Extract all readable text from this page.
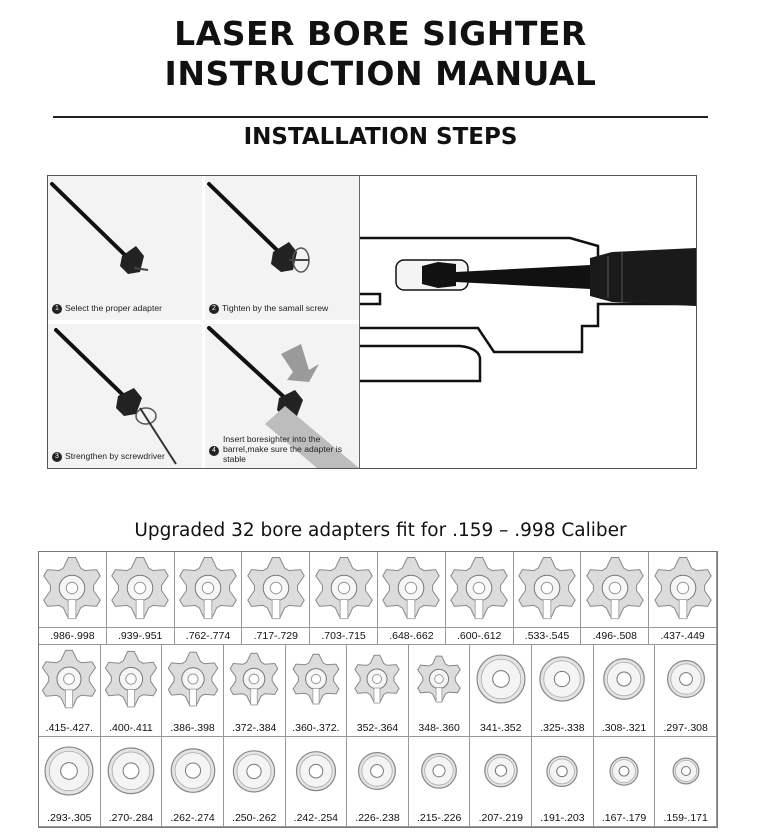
LASER BORE SIGHTER
INSTRUCTION MANUAL
INSTALLATION STEPS
1 Select the proper adapter	2 Tighten by the samall screw
3 Strengthen by screwdriver
4
Insert boresighter into the barrel,make sure the adapter is stable
Upgraded 32 bore adapters fit for .159 – .998 Caliber
.986-.998	.939-.951	.762-.774	.717-.729	.703-.715	.648-.662	.600-.612	.533-.545	.496-.508	.437-.449
.415-.427.	.400-.411	.386-.398	.372-.384	.360-.372.	352-.364	348-.360	341-.352	.325-.338	.308-.321	.297-.308
.293-.305	.270-.284	.262-.274	.250-.262	.242-.254	.226-.238	.215-.226	.207-.219	.191-.203	.167-.179	.159-.171
